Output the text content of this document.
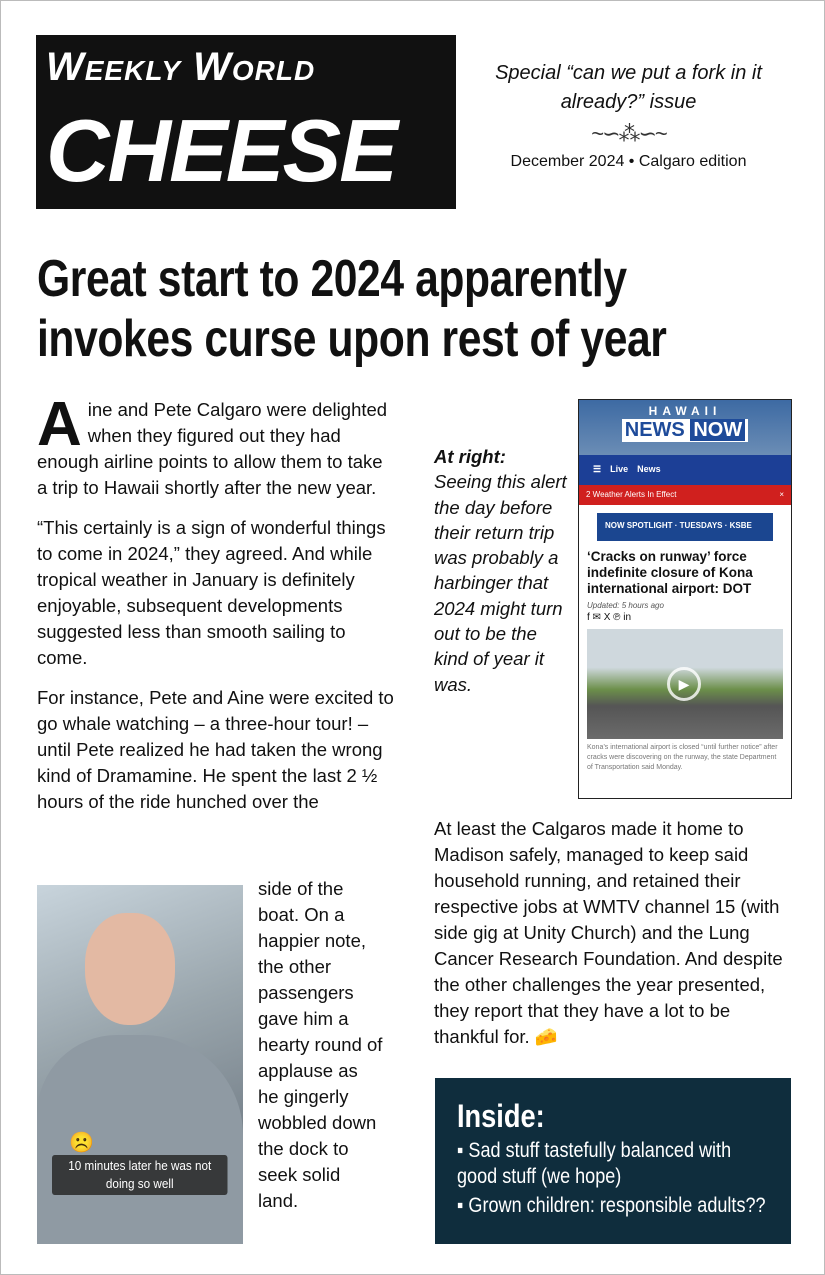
Weekly World
CHEESE
Special “can we put a fork in it already?” issue
~∽⁂∽~
December 2024 • Calgaro edition
Great start to 2024 apparently invokes curse upon rest of year

Aine and Pete Calgaro were delighted when they figured out they had enough airline points to allow them to take a trip to Hawaii shortly after the new year.

“This certainly is a sign of wonderful things to come in 2024,” they agreed. And while tropical weather in January is definitely enjoyable, subsequent developments suggested less than smooth sailing to come.

For instance, Pete and Aine were excited to go whale watching – a three-hour tour! – until Pete realized he had taken the wrong kind of Dramamine. He spent the last 2 ½ hours of the ride hunched over the

At right:
Seeing this alert the day before their return trip was probably a harbinger that 2024 might turn out to be the kind of year it was.
HAWAII
NEWS NOW
☰ Live News
2 Weather Alerts In Effect	×
NOW SPOTLIGHT · TUESDAYS · KSBE
‘Cracks on runway’ force indefinite closure of Kona international airport: DOT
Updated: 5 hours ago
f ✉ X ℗ in
▶
Kona’s international airport is closed “until further notice” after cracks were discovering on the runway, the state Department of Transportation said Monday.
☹️
10 minutes later he was not doing so well
side of the boat. On a happier note, the other passengers gave him a hearty round of applause as he gingerly wobbled down the dock to seek solid land.
At least the Calgaros made it home to Madison safely, managed to keep said household running, and retained their respective jobs at WMTV channel 15 (with side gig at Unity Church) and the Lung Cancer Research Foundation. And despite the other challenges the year presented, they report that they have a lot to be thankful for. 🧀
Inside:
▪ Sad stuff tastefully balanced with good stuff (we hope)
▪ Grown children: responsible adults??
